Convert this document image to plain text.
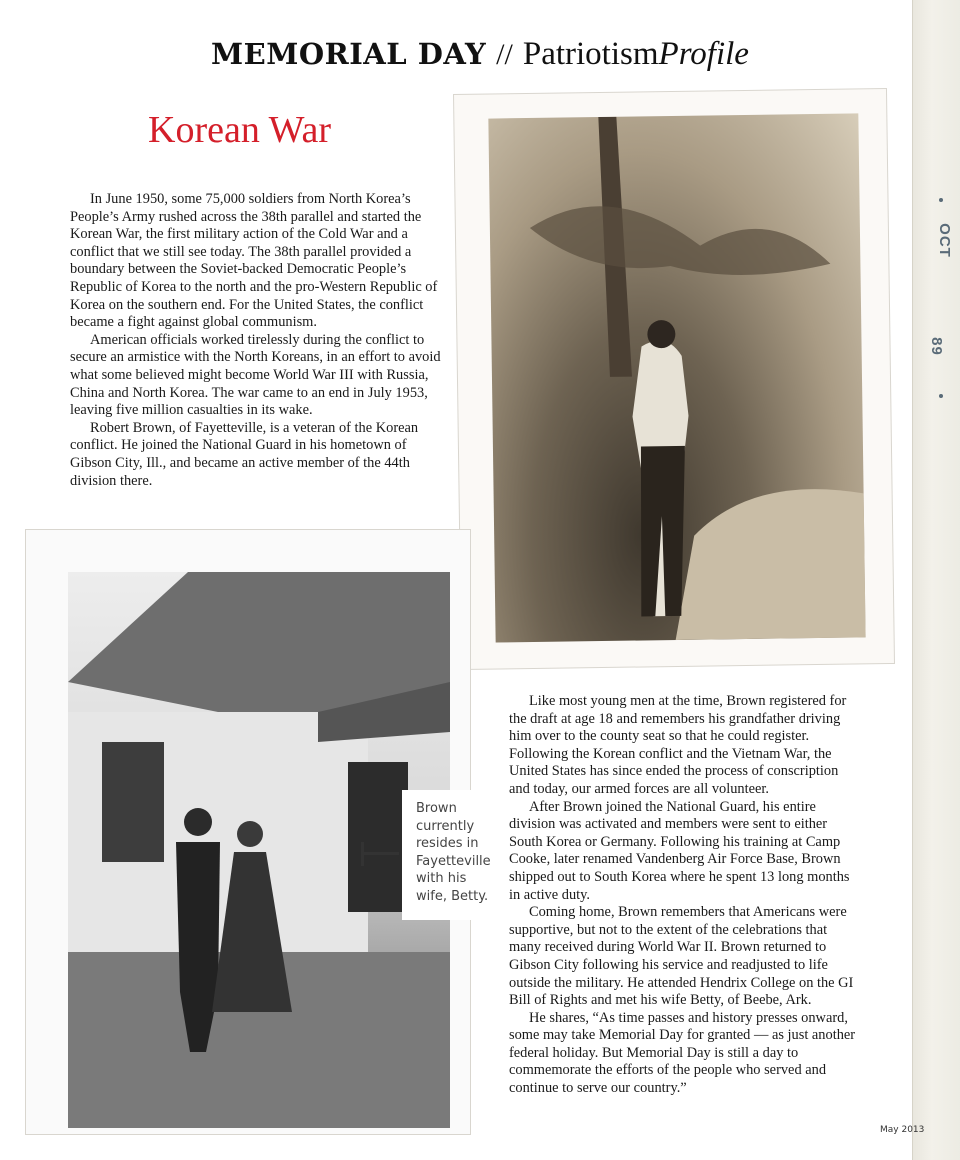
OCT
89
MEMORIAL DAY // PatriotismProfile
Korean War

In June 1950, some 75,000 soldiers from North Korea’s People’s Army rushed across the 38th parallel and started the Korean War, the first military action of the Cold War and a conflict that we still see today. The 38th parallel provided a boundary between the Soviet-backed Democratic People’s Republic of Korea to the north and the pro-Western Republic of Korea on the southern end. For the United States, the conflict became a fight against global communism.

American officials worked tirelessly during the conflict to secure an armistice with the North Koreans, in an effort to avoid what some believed might become World War III with Russia, China and North Korea. The war came to an end in July 1953, leaving five million casualties in its wake.

Robert Brown, of Fayetteville, is a veteran of the Korean conflict. He joined the National Guard in his hometown of Gibson City, Ill., and became an active member of the 44th division there.

Brown currently resides in Fayetteville with his wife, Betty.

Like most young men at the time, Brown registered for the draft at age 18 and remembers his grandfather driving him over to the county seat so that he could register. Following the Korean conflict and the Vietnam War, the United States has since ended the process of conscription and today, our armed forces are all volunteer.

After Brown joined the National Guard, his entire division was activated and members were sent to either South Korea or Germany. Following his training at Camp Cooke, later renamed Vandenberg Air Force Base, Brown shipped out to South Korea where he spent 13 long months in active duty.

Coming home, Brown remembers that Americans were supportive, but not to the extent of the celebrations that many received during World War II. Brown returned to Gibson City following his service and readjusted to life outside the military. He attended Hendrix College on the GI Bill of Rights and met his wife Betty, of Beebe, Ark.

He shares, “As time passes and history presses onward, some may take Memorial Day for granted — as just another federal holiday. But Memorial Day is still a day to commemorate the efforts of the people who served and continue to serve our country.”

May 2013
